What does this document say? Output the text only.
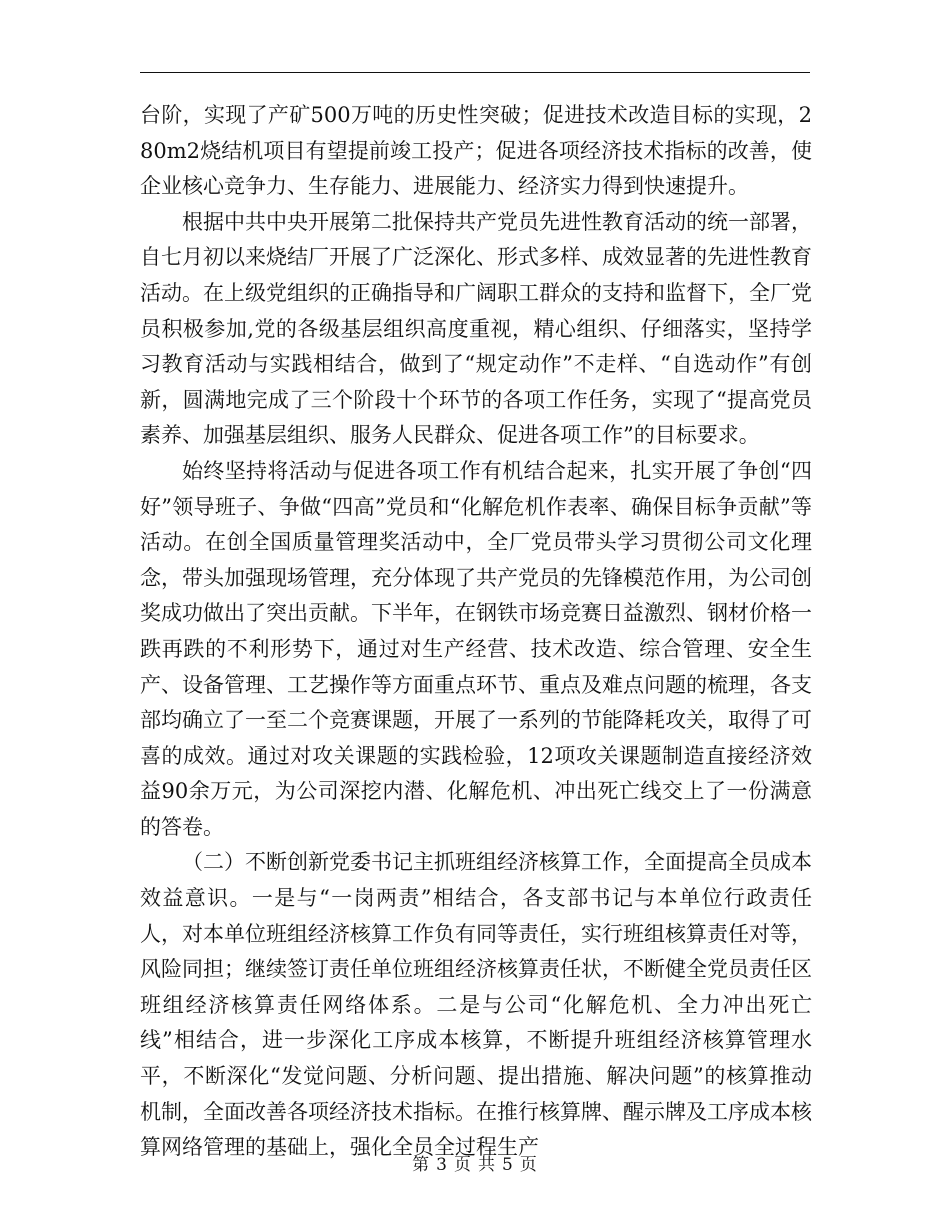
台阶，实现了产矿500万吨的历史性突破；促进技术改造目标的实现，280m2烧结机项目有望提前竣工投产；促进各项经济技术指标的改善，使企业核心竞争力、生存能力、进展能力、经济实力得到快速提升。

根据中共中央开展第二批保持共产党员先进性教育活动的统一部署，自七月初以来烧结厂开展了广泛深化、形式多样、成效显著的先进性教育活动。在上级党组织的正确指导和广阔职工群众的支持和监督下，全厂党员积极参加,党的各级基层组织高度重视，精心组织、仔细落实，坚持学习教育活动与实践相结合，做到了“规定动作”不走样、“自选动作”有创新，圆满地完成了三个阶段十个环节的各项工作任务，实现了“提高党员素养、加强基层组织、服务人民群众、促进各项工作”的目标要求。

始终坚持将活动与促进各项工作有机结合起来，扎实开展了争创“四好”领导班子、争做“四高”党员和“化解危机作表率、确保目标争贡献”等活动。在创全国质量管理奖活动中，全厂党员带头学习贯彻公司文化理念，带头加强现场管理，充分体现了共产党员的先锋模范作用，为公司创奖成功做出了突出贡献。下半年，在钢铁市场竞赛日益激烈、钢材价格一跌再跌的不利形势下，通过对生产经营、技术改造、综合管理、安全生产、设备管理、工艺操作等方面重点环节、重点及难点问题的梳理，各支部均确立了一至二个竞赛课题，开展了一系列的节能降耗攻关，取得了可喜的成效。通过对攻关课题的实践检验，12项攻关课题制造直接经济效益90余万元，为公司深挖内潜、化解危机、冲出死亡线交上了一份满意的答卷。

（二）不断创新党委书记主抓班组经济核算工作，全面提高全员成本效益意识。一是与“一岗两责”相结合，各支部书记与本单位行政责任人，对本单位班组经济核算工作负有同等责任，实行班组核算责任对等，风险同担；继续签订责任单位班组经济核算责任状，不断健全党员责任区班组经济核算责任网络体系。二是与公司“化解危机、全力冲出死亡线”相结合，进一步深化工序成本核算，不断提升班组经济核算管理水平，不断深化“发觉问题、分析问题、提出措施、解决问题”的核算推动机制，全面改善各项经济技术指标。在推行核算牌、醒示牌及工序成本核算网络管理的基础上，强化全员全过程生产

第 3 页 共 5 页
